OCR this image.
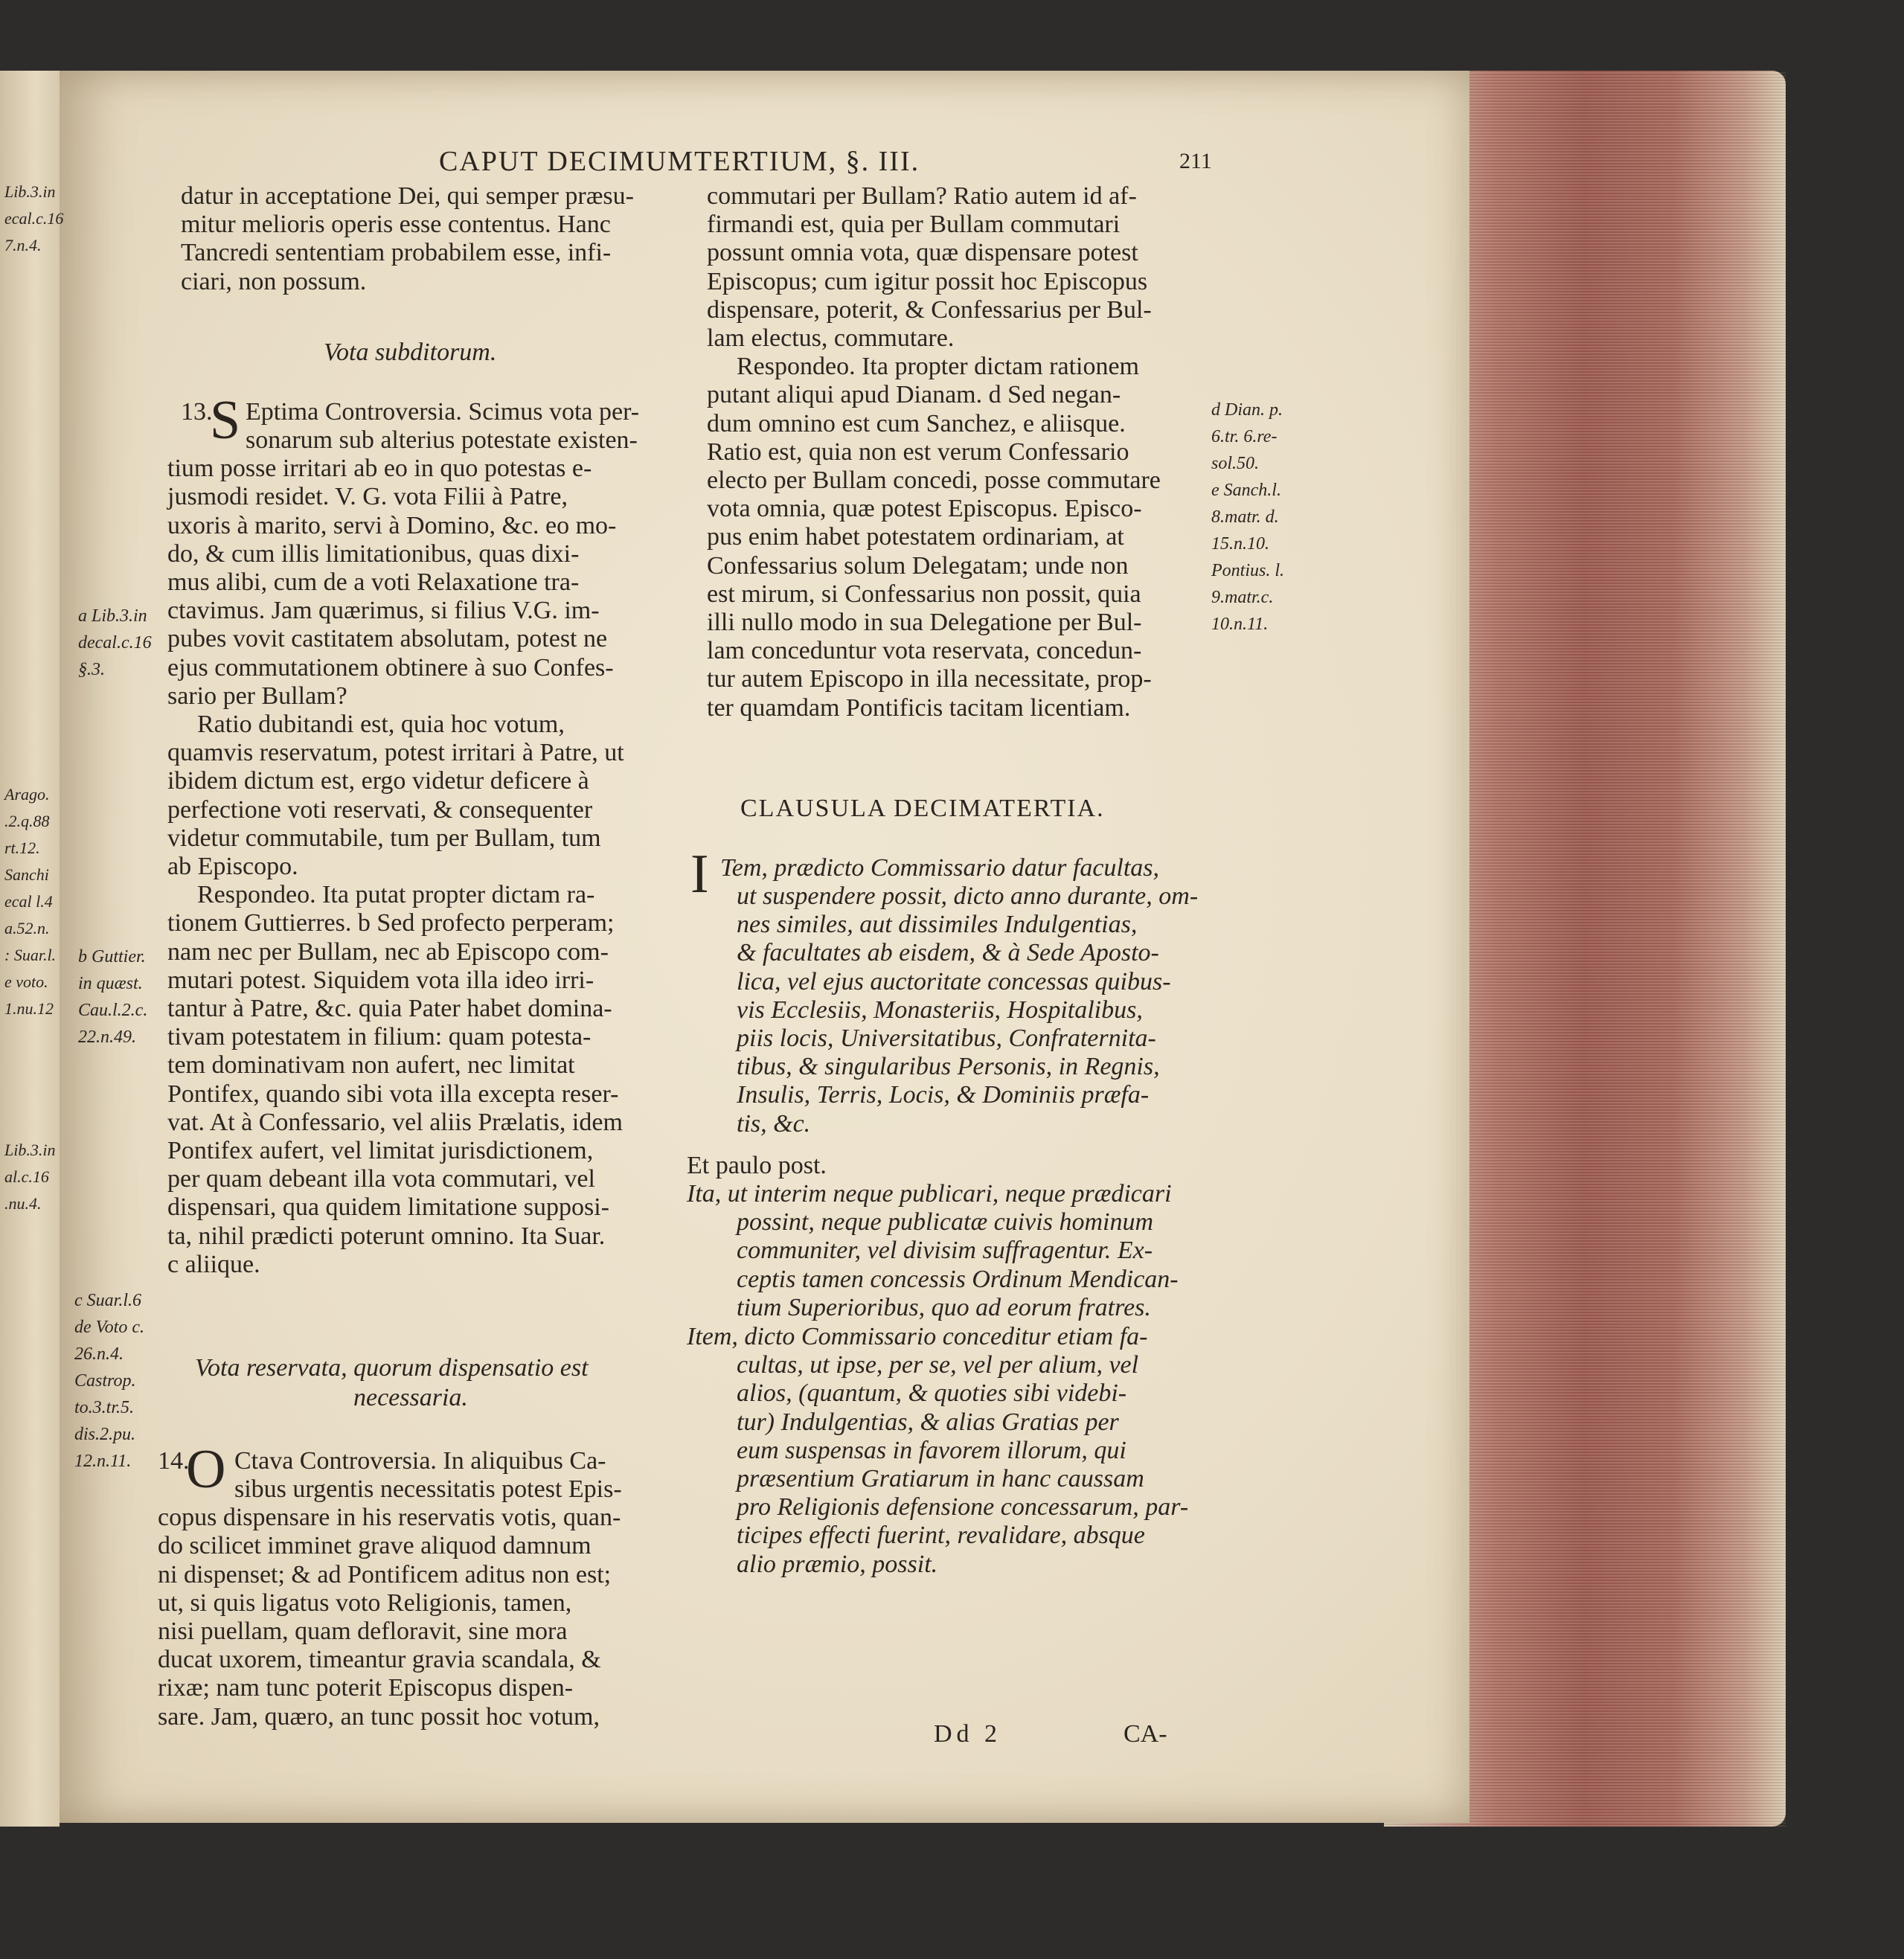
Lib.3.in
ecal.c.16
7.n.4.
Arago.
.2.q.88
rt.12.
Sanchi
ecal l.4
a.52.n.
: Suar.l.
e voto.
1.nu.12
Lib.3.in
al.c.16
.nu.4.
CAPUT DECIMUMTERTIUM, §. III.	211
datur in acceptatione Dei, qui semper præsu-
mitur melioris operis esse contentus. Hanc
Tancredi sententiam probabilem esse, infi-
ciari, non possum.
Vota subditorum.
13.
S Eptima Controversia. Scimus vota per-
sonarum sub alterius potestate existen-
tium posse irritari ab eo in quo potestas e-
jusmodi residet. V. G. vota Filii à Patre,
uxoris à marito, servi à Domino, &c. eo mo-
do, & cum illis limitationibus, quas dixi-
mus alibi, cum de a voti Relaxatione tra-
ctavimus. Jam quærimus, si filius V.G. im-
pubes vovit castitatem absolutam, potest ne
ejus commutationem obtinere à suo Confes-
sario per Bullam?
Ratio dubitandi est, quia hoc votum,
quamvis reservatum, potest irritari à Patre, ut
ibidem dictum est, ergo videtur deficere à
perfectione voti reservati, & consequenter
videtur commutabile, tum per Bullam, tum
ab Episcopo.
Respondeo. Ita putat propter dictam ra-
tionem Guttierres. b Sed profecto perperam;
nam nec per Bullam, nec ab Episcopo com-
mutari potest. Siquidem vota illa ideo irri-
tantur à Patre, &c. quia Pater habet domina-
tivam potestatem in filium: quam potesta-
tem dominativam non aufert, nec limitat
Pontifex, quando sibi vota illa excepta reser-
vat. At à Confessario, vel aliis Prælatis, idem
Pontifex aufert, vel limitat jurisdictionem,
per quam debeant illa vota commutari, vel
dispensari, qua quidem limitatione supposi-
ta, nihil prædicti poterunt omnino. Ita Suar.
c aliique.
Vota reservata, quorum dispensatio est
necessaria.
14.
O Ctava Controversia. In aliquibus Ca-
sibus urgentis necessitatis potest Epis-
copus dispensare in his reservatis votis, quan-
do scilicet imminet grave aliquod damnum
ni dispenset; & ad Pontificem aditus non est;
ut, si quis ligatus voto Religionis, tamen,
nisi puellam, quam defloravit, sine mora
ducat uxorem, timeantur gravia scandala, &
rixæ; nam tunc poterit Episcopus dispen-
sare. Jam, quæro, an tunc possit hoc votum,
a Lib.3.in
decal.c.16
§.3.
b Guttier.
in quæst.
Cau.l.2.c.
22.n.49.
c Suar.l.6
de Voto c.
26.n.4.
Castrop.
to.3.tr.5.
dis.2.pu.
12.n.11.
commutari per Bullam? Ratio autem id af-
firmandi est, quia per Bullam commutari
possunt omnia vota, quæ dispensare potest
Episcopus; cum igitur possit hoc Episcopus
dispensare, poterit, & Confessarius per Bul-
lam electus, commutare.
Respondeo. Ita propter dictam rationem
putant aliqui apud Dianam. d Sed negan-
dum omnino est cum Sanchez, e aliisque.
Ratio est, quia non est verum Confessario
electo per Bullam concedi, posse commutare
vota omnia, quæ potest Episcopus. Episco-
pus enim habet potestatem ordinariam, at
Confessarius solum Delegatam; unde non
est mirum, si Confessarius non possit, quia
illi nullo modo in sua Delegatione per Bul-
lam conceduntur vota reservata, concedun-
tur autem Episcopo in illa necessitate, prop-
ter quamdam Pontificis tacitam licentiam.
CLAUSULA DECIMATERTIA.
I Tem, prædicto Commissario datur facultas,
ut suspendere possit, dicto anno durante, om-
nes similes, aut dissimiles Indulgentias,
& facultates ab eisdem, & à Sede Aposto-
lica, vel ejus auctoritate concessas quibus-
vis Ecclesiis, Monasteriis, Hospitalibus,
piis locis, Universitatibus, Confraternita-
tibus, & singularibus Personis, in Regnis,
Insulis, Terris, Locis, & Dominiis præfa-
tis, &c.
Et paulo post.
Ita, ut interim neque publicari, neque prædicari
possint, neque publicatæ cuivis hominum
communiter, vel divisim suffragentur. Ex-
ceptis tamen concessis Ordinum Mendican-
tium Superioribus, quo ad eorum fratres.
Item, dicto Commissario conceditur etiam fa-
cultas, ut ipse, per se, vel per alium, vel
alios, (quantum, & quoties sibi videbi-
tur) Indulgentias, & alias Gratias per
eum suspensas in favorem illorum, qui
præsentium Gratiarum in hanc caussam
pro Religionis defensione concessarum, par-
ticipes effecti fuerint, revalidare, absque
alio præmio, possit.
Dd 2	CA-
d Dian. p.
6.tr. 6.re-
sol.50.
e Sanch.l.
8.matr. d.
15.n.10.
Pontius. l.
9.matr.c.
10.n.11.
